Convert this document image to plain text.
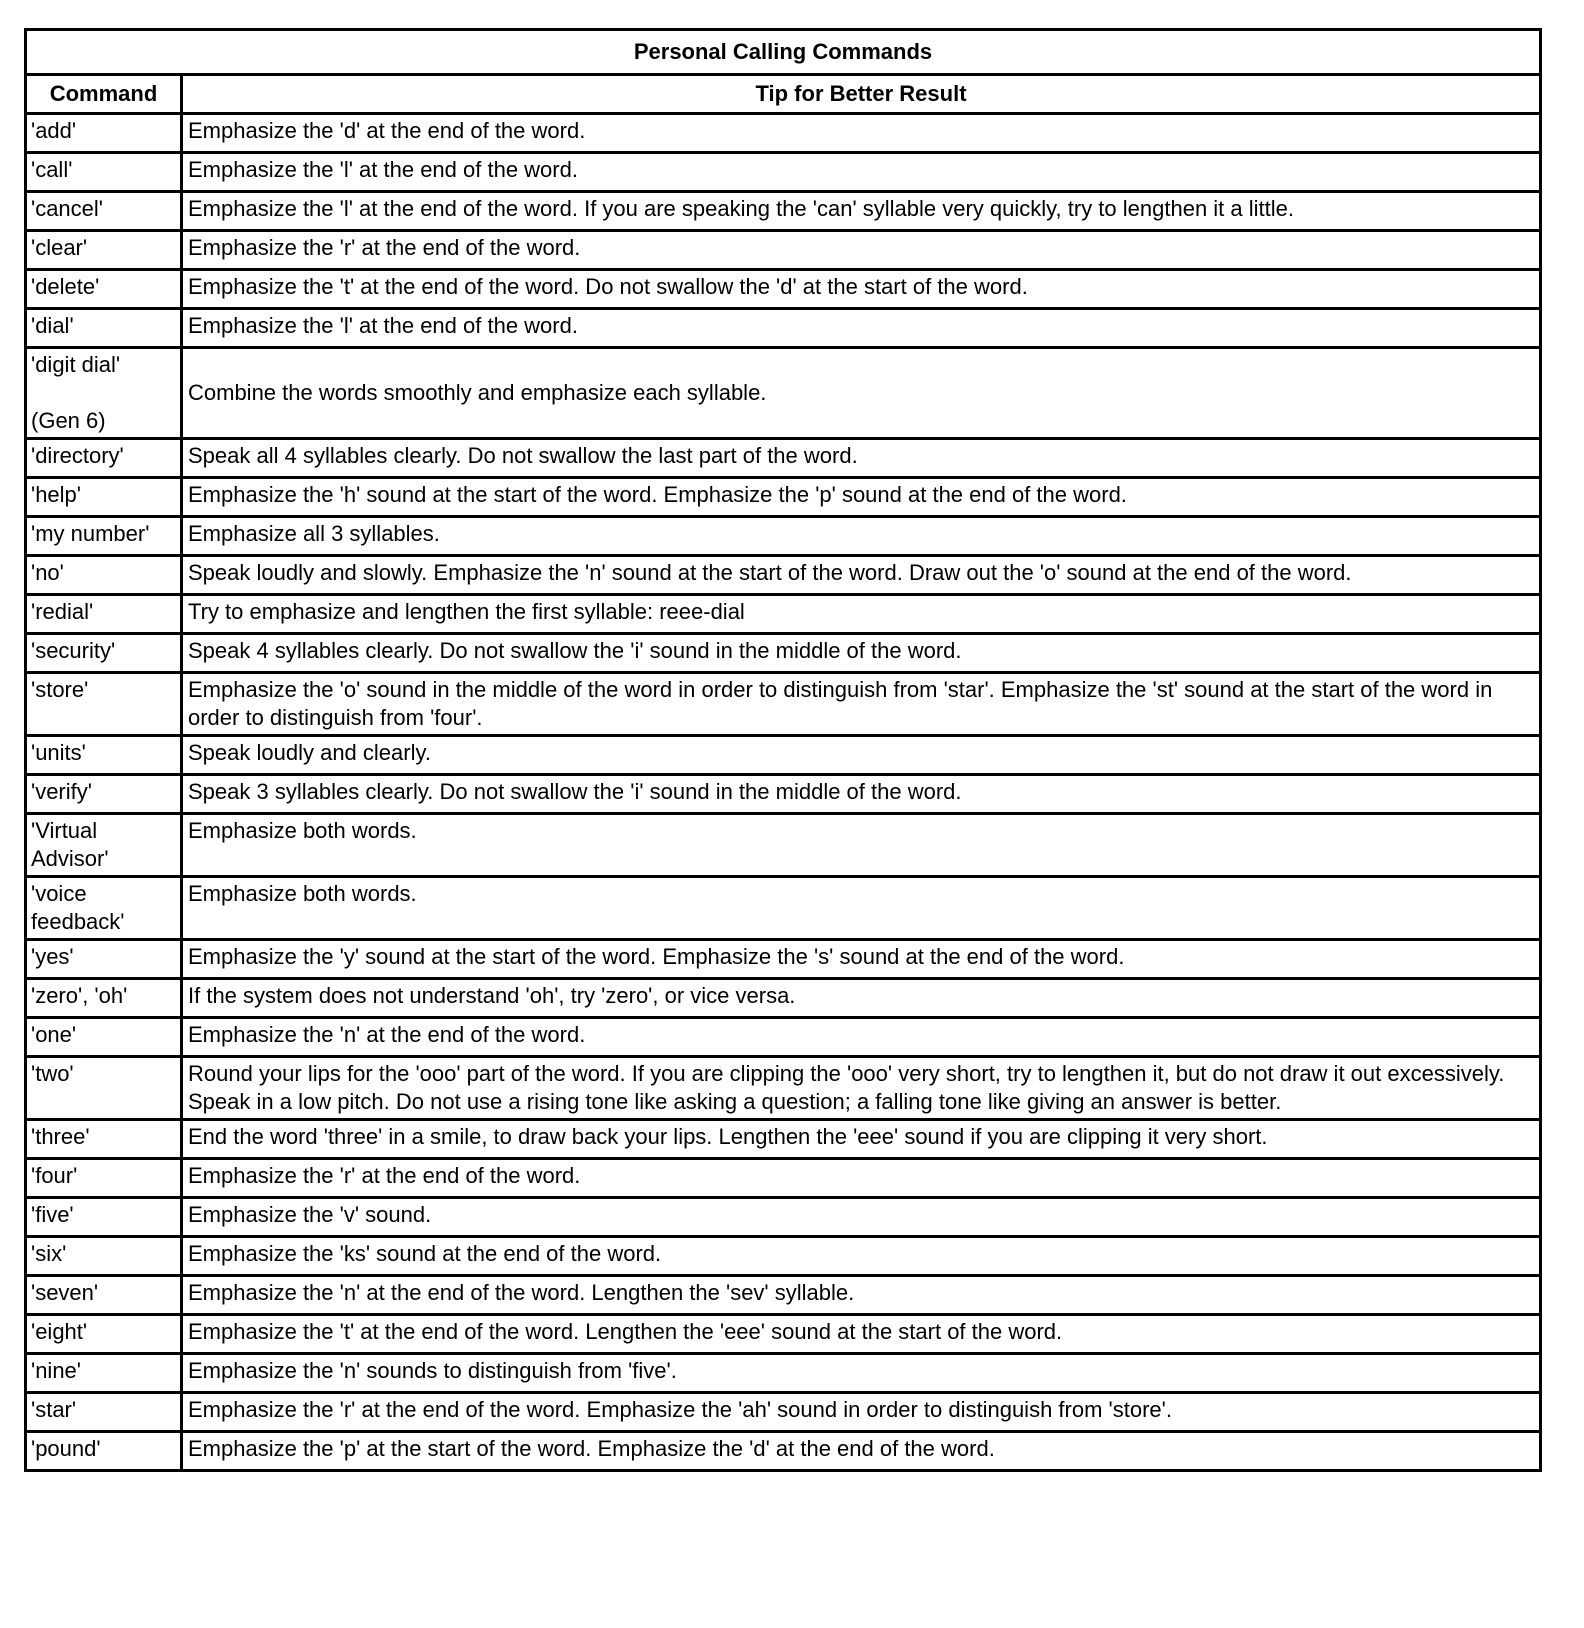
Personal Calling Commands	
Command	Tip for Better Result

'add'	Emphasize the 'd' at the end of the word.

'call'	Emphasize the 'l' at the end of the word.

'cancel'	Emphasize the 'l' at the end of the word. If you are speaking the 'can' syllable very quickly, try to lengthen it a little.

'clear'	Emphasize the 'r' at the end of the word.

'delete'	Emphasize the 't' at the end of the word. Do not swallow the 'd' at the start of the word.

'dial'	Emphasize the 'l' at the end of the word.

'digit dial'
(Gen 6)	Combine the words smoothly and emphasize each syllable.

'directory'	Speak all 4 syllables clearly. Do not swallow the last part of the word.

'help'	Emphasize the 'h' sound at the start of the word. Emphasize the 'p' sound at the end of the word.

'my number'	Emphasize all 3 syllables.

'no'	Speak loudly and slowly. Emphasize the 'n' sound at the start of the word. Draw out the 'o' sound at the end of the word.

'redial'	Try to emphasize and lengthen the first syllable: reee-dial

'security'	Speak 4 syllables clearly. Do not swallow the 'i' sound in the middle of the word.

'store'	Emphasize the 'o' sound in the middle of the word in order to distinguish from 'star'. Emphasize the 'st' sound at the start of the word in order to distinguish from 'four'.

'units'	Speak loudly and clearly.

'verify'	Speak 3 syllables clearly. Do not swallow the 'i' sound in the middle of the word.

'Virtual Advisor'	Emphasize both words.

'voice feedback'	Emphasize both words.

'yes'	Emphasize the 'y' sound at the start of the word. Emphasize the 's' sound at the end of the word.

'zero', 'oh'	If the system does not understand 'oh', try 'zero', or vice versa.

'one'	Emphasize the 'n' at the end of the word.

'two'	Round your lips for the 'ooo' part of the word. If you are clipping the 'ooo' very short, try to lengthen it, but do not draw it out excessively. Speak in a low pitch. Do not use a rising tone like asking a question; a falling tone like giving an answer is better.

'three'	End the word 'three' in a smile, to draw back your lips. Lengthen the 'eee' sound if you are clipping it very short.

'four'	Emphasize the 'r' at the end of the word.

'five'	Emphasize the 'v' sound.

'six'	Emphasize the 'ks' sound at the end of the word.

'seven'	Emphasize the 'n' at the end of the word. Lengthen the 'sev' syllable.

'eight'	Emphasize the 't' at the end of the word. Lengthen the 'eee' sound at the start of the word.

'nine'	Emphasize the 'n' sounds to distinguish from 'five'.

'star'	Emphasize the 'r' at the end of the word. Emphasize the 'ah' sound in order to distinguish from 'store'.

'pound'	Emphasize the 'p' at the start of the word. Emphasize the 'd' at the end of the word.
